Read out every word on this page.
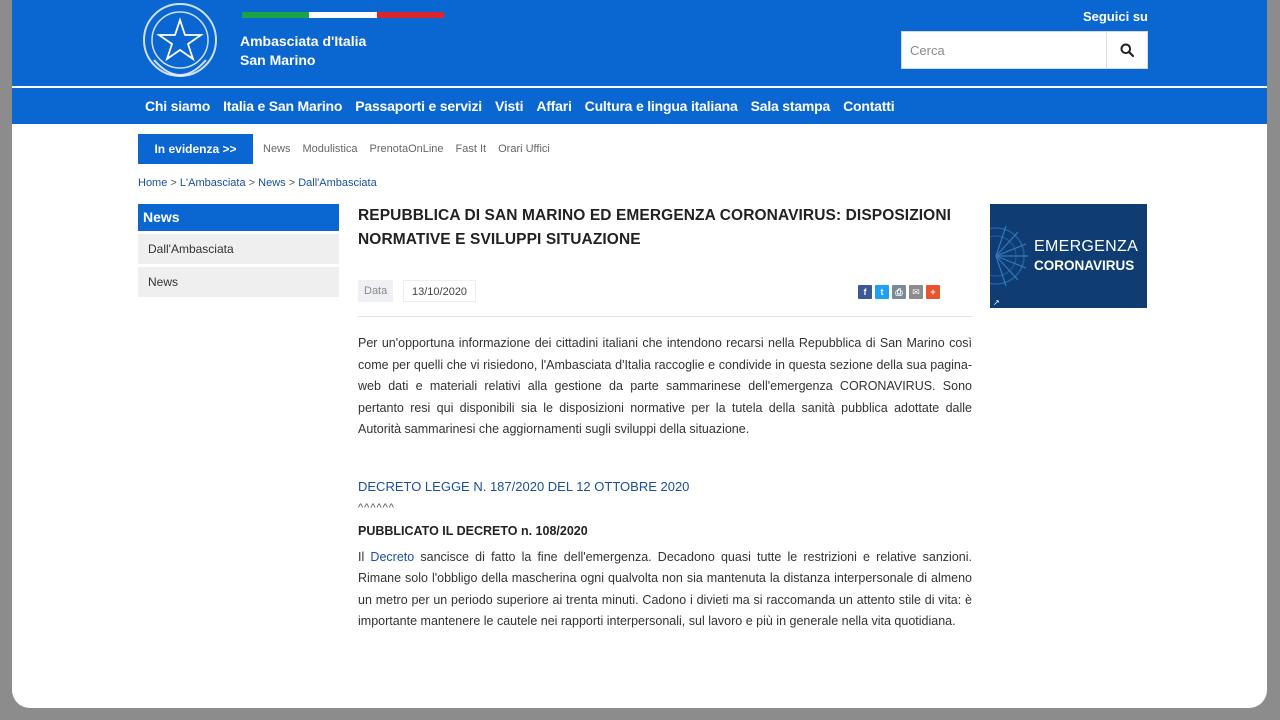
Ambasciata d'Italia
San Marino
Seguici su
Cerca
Chi siamo Italia e San Marino Passaporti e servizi Visti Affari Cultura e lingua italiana Sala stampa Contatti
In evidenza >>	News Modulistica PrenotaOnLine Fast It Orari Uffici
Home > L'Ambasciata > News > Dall'Ambasciata
News
Dall'Ambasciata
News
REPUBBLICA DI SAN MARINO ED EMERGENZA CORONAVIRUS: DISPOSIZIONI NORMATIVE E SVILUPPI SITUAZIONE
Data	13/10/2020	f	t	⎙	✉	+

Per un'opportuna informazione dei cittadini italiani che intendono recarsi nella Repubblica di San Marino così come per quelli che vi risiedono, l'Ambasciata d'Italia raccoglie e condivide in questa sezione della sua pagina-web dati e materiali relativi alla gestione da parte sammarinese dell'emergenza CORONAVIRUS. Sono pertanto resi qui disponibili sia le disposizioni normative per la tutela della sanità pubblica adottate dalle Autorità sammarinesi che aggiornamenti sugli sviluppi della situazione.

DECRETO LEGGE N. 187/2020 DEL 12 OTTOBRE 2020
^^^^^^
PUBBLICATO IL DECRETO n. 108/2020
Il Decreto sancisce di fatto la fine dell'emergenza. Decadono quasi tutte le restrizioni e relative sanzioni. Rimane solo l'obbligo della mascherina ogni qualvolta non sia mantenuta la distanza interpersonale di almeno un metro per un periodo superiore ai trenta minuti. Cadono i divieti ma si raccomanda un attento stile di vita: è importante mantenere le cautele nei rapporti interpersonali, sul lavoro e più in generale nella vita quotidiana.
↗
EMERGENZA
CORONAVIRUS
